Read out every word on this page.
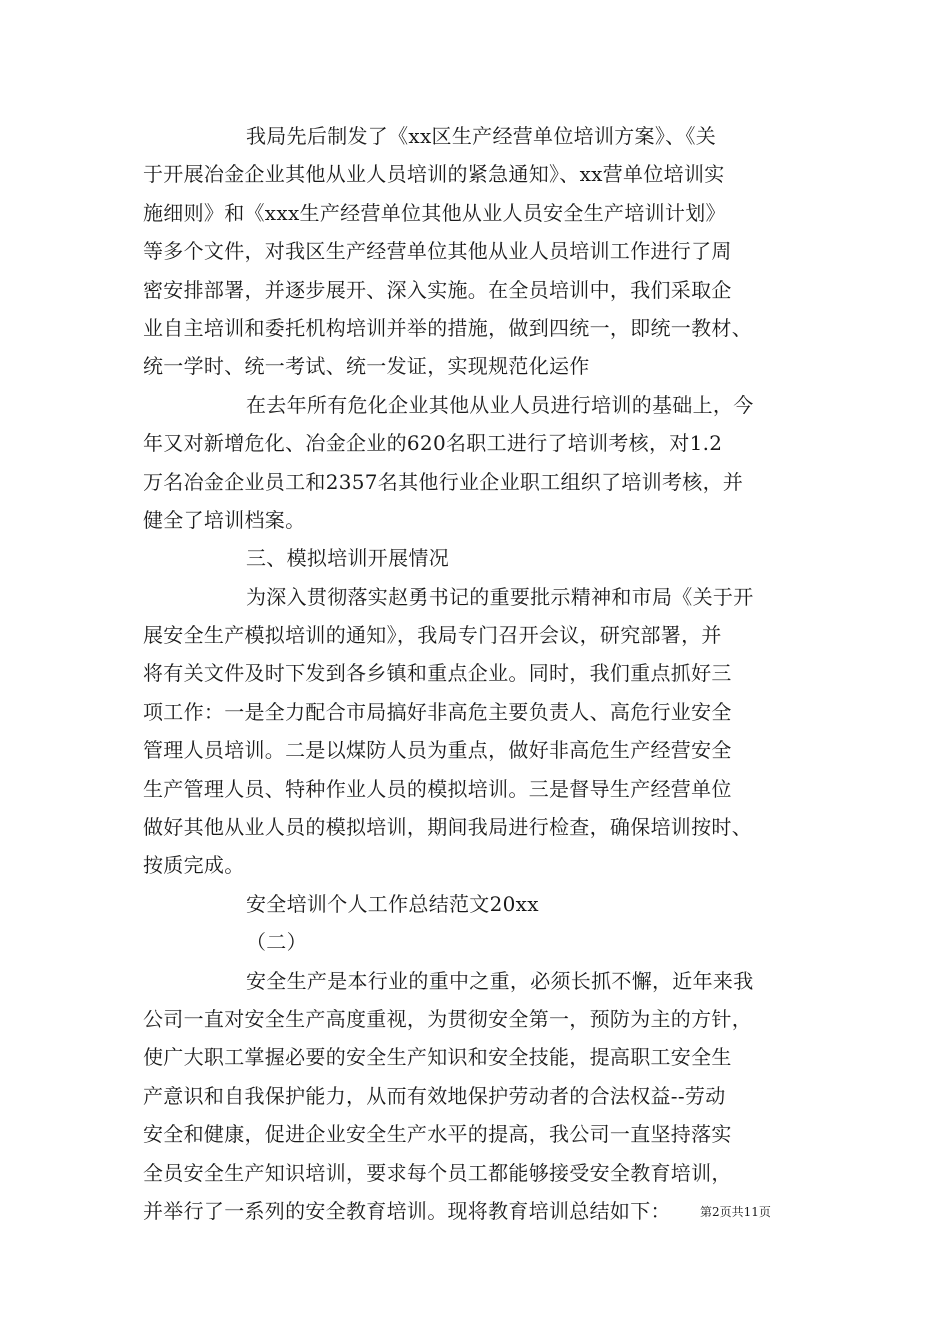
我局先后制发了《xx区生产经营单位培训方案》、《关
于开展冶金企业其他从业人员培训的紧急通知》、xx营单位培训实
施细则》和《xxx生产经营单位其他从业人员安全生产培训计划》
等多个文件，对我区生产经营单位其他从业人员培训工作进行了周
密安排部署，并逐步展开、深入实施。在全员培训中，我们采取企
业自主培训和委托机构培训并举的措施，做到四统一，即统一教材、
统一学时、统一考试、统一发证，实现规范化运作
在去年所有危化企业其他从业人员进行培训的基础上，今
年又对新增危化、冶金企业的620名职工进行了培训考核，对1.2
万名冶金企业员工和2357名其他行业企业职工组织了培训考核，并
健全了培训档案。
三、模拟培训开展情况
为深入贯彻落实赵勇书记的重要批示精神和市局《关于开
展安全生产模拟培训的通知》，我局专门召开会议，研究部署，并
将有关文件及时下发到各乡镇和重点企业。同时，我们重点抓好三
项工作：一是全力配合市局搞好非高危主要负责人、高危行业安全
管理人员培训。二是以煤防人员为重点，做好非高危生产经营安全
生产管理人员、特种作业人员的模拟培训。三是督导生产经营单位
做好其他从业人员的模拟培训，期间我局进行检查，确保培训按时、
按质完成。
安全培训个人工作总结范文20xx
（二）
安全生产是本行业的重中之重，必须长抓不懈，近年来我
公司一直对安全生产高度重视，为贯彻安全第一，预防为主的方针，
使广大职工掌握必要的安全生产知识和安全技能，提高职工安全生
产意识和自我保护能力，从而有效地保护劳动者的合法权益--劳动
安全和健康，促进企业安全生产水平的提高，我公司一直坚持落实
全员安全生产知识培训，要求每个员工都能够接受安全教育培训，
并举行了一系列的安全教育培训。现将教育培训总结如下：	第2页共11页
